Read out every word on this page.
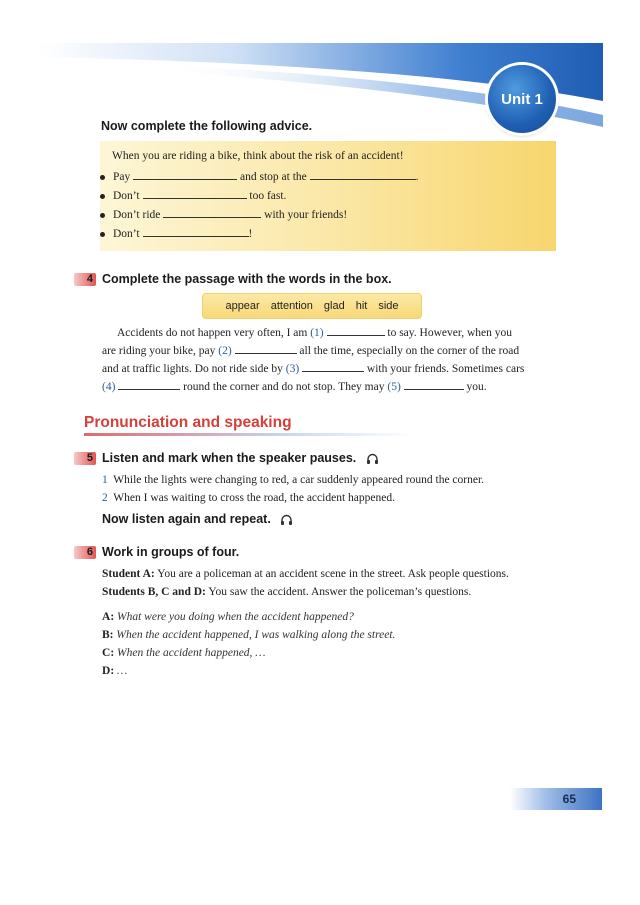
Unit 1
Now complete the following advice.
When you are riding a bike, think about the risk of an accident!
Pay	and stop at the	.
Don’t	too fast.
Don’t ride	with your friends!
Don’t	!
4 Complete the passage with the words in the box.
appear attention glad hit side
Accidents do not happen very often, I am (1)	to say. However, when you
are riding your bike, pay (2)	all the time, especially on the corner of the road
and at traffic lights. Do not ride side by (3)	with your friends. Sometimes cars
(4)	round the corner and do not stop. They may (5)	you.
Pronunciation and speaking
5 Listen and mark when the speaker pauses.
1 While the lights were changing to red, a car suddenly appeared round the corner.
2 When I was waiting to cross the road, the accident happened.
Now listen again and repeat.
6 Work in groups of four.
Student A: You are a policeman at an accident scene in the street. Ask people questions.
Students B, C and D: You saw the accident. Answer the policeman’s questions.
A: What were you doing when the accident happened?
B: When the accident happened, I was walking along the street.
C: When the accident happened, …
D: …
65
